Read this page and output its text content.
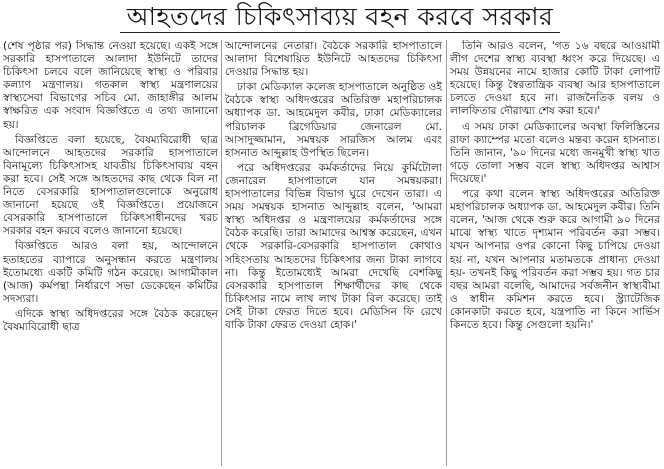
আহতদের চিকিৎসাব্যয় বহন করবে সরকার

(শেষ পৃষ্ঠার পর) সিদ্ধান্ত নেওয়া হয়েছে। একই সঙ্গে সরকারি হাসপাতালে আলাদা ইউনিটে তাদের চিকিৎসা চলবে বলে জানিয়েছে স্বাস্থ্য ও পরিবার কল্যাণ মন্ত্রণালয়। গতকাল স্বাস্থ্য মন্ত্রণালয়ের স্বাস্থ্যসেবা বিভাগের সচিব মো. জাহাঙ্গীর আলম স্বাক্ষরিত এক সংবাদ বিজ্ঞপ্তিতে এ তথ্য জানানো হয়।

বিজ্ঞপ্তিতে বলা হয়েছে, বৈষম্যবিরোধী ছাত্র আন্দোলনে আহতদের সরকারি হাসপাতালে বিনামূল্যে চিকিৎসাসহ যাবতীয় চিকিৎসাব্যয় বহন করা হবে। সেই সঙ্গে আহতদের কাছ থেকে বিল না নিতে বেসরকারি হাসপাতালগুলোকে অনুরোধ জানানো হয়েছে ওই বিজ্ঞপ্তিতে। প্রয়োজনে বেসরকারি হাসপাতালে চিকিৎসাধীনদের খরচ সরকার বহন করবে বলেও জানানো হয়েছে।

বিজ্ঞপ্তিতে আরও বলা হয়, আন্দোলনে হতাহতের ব্যাপারে অনুসন্ধান করতে মন্ত্রণালয় ইতোমধ্যে একটি কমিটি গঠন করেছে। আগামীকাল (আজ) কর্মপন্থা নির্ধারণে সভা ডেকেছেন কমিটির সদস্যরা।

এদিকে স্বাস্থ্য অধিদপ্তরের সঙ্গে বৈঠক করেছেন বৈষম্যবিরোধী ছাত্র

আন্দোলনের নেতারা। বৈঠকে সরকারি হাসপাতালে আলাদা বিশেষায়িত ইউনিটে আহতদের চিকিৎসা দেওয়ার সিদ্ধান্ত হয়।

ঢাকা মেডিক্যাল কলেজ হাসপাতালে অনুষ্ঠিত ওই বৈঠকে স্বাস্থ্য অধিদপ্তরের অতিরিক্ত মহাপরিচালক অধ্যাপক ডা. আহমেদুল কবীর, ঢাকা মেডিক্যালের পরিচালক ব্রিগেডিয়ার জেনারেল মো. আসাদুজ্জামান, সমন্বয়ক সারজিস আলম এবং হাসনাত আব্দুল্লাহ উপস্থিত ছিলেন।

পরে অধিদপ্তরের কর্মকর্তাদের নিয়ে কুর্মিটোলা জেনারেল হাসপাতালে যান সমন্বয়করা। হাসপাতালের বিভিন্ন বিভাগ ঘুরে দেখেন তারা। এ সময় সমন্বয়ক হাসনাত আব্দুল্লাহ বলেন, 'আমরা স্বাস্থ্য অধিদপ্তর ও মন্ত্রণালয়ের কর্মকর্তাদের সঙ্গে বৈঠক করেছি। তারা আমাদের আশ্বস্ত করেছেন, এখন থেকে সরকারি-বেসরকারি হাসপাতাল কোথাও সহিংসতায় আহতদের চিকিৎসার জন্য টাকা লাগবে না। কিন্তু ইতোমধ্যেই আমরা দেখেছি বেশকিছু বেসরকারি হাসপাতাল শিক্ষার্থীদের কাছ থেকে চিকিৎসার নামে লাখ লাখ টাকা বিল করেছে। তাই সেই টাকা ফেরত দিতে হবে। মেডিসিন ফি রেখে বাকি টাকা ফেরত দেওয়া হোক।'

তিনি আরও বলেন, 'গত ১৬ বছরে আওয়ামী লীগ দেশের স্বাস্থ্য ব্যবস্থা ধ্বংস করে দিয়েছে। এ সময় উন্নয়নের নামে হাজার কোটি টাকা লোপাট হয়েছে। কিন্তু স্বৈরতান্ত্রিক ব্যবস্থা আর হাসপাতালে চলতে দেওয়া হবে না। রাজনৈতিক বলয় ও লালফিতার দৌরাত্ম্য শেষ করা হবে।'

এ সময় ঢাকা মেডিক্যালের অবস্থা ফিলিস্তিনের রাফা ক্যাম্পের মতো বলেও মন্তব্য করেন হাসনাত। তিনি জানান, '৯০ দিনের মধ্যে জনমুখী স্বাস্থ্য খাত গড়ে তোলা সম্ভব বলে স্বাস্থ্য অধিদপ্তর আশ্বাস দিয়েছে।'

পরে কথা বলেন স্বাস্থ্য অধিদপ্তরের অতিরিক্ত মহাপরিচালক অধ্যাপক ডা. আহমেদুল কবীর। তিনি বলেন, 'আজ থেকে শুরু করে আগামী ৯০ দিনের মাঝে স্বাস্থ্য খাতে দৃশ্যমান পরিবর্তন করা সম্ভব। যখন আপনার ওপর কোনো কিছু চাপিয়ে দেওয়া হয় না, যখন আপনার মতামতকে প্রাধান্য দেওয়া হয়- তখনই কিছু পরিবর্তন করা সম্ভব হয়। গত চার বছর আমরা বলেছি, আমাদের সর্বজনীন স্বাস্থ্যবীমা ও স্বাধীন কমিশন করতে হবে। স্ট্র্যাটেজিক কোনকাটা করতে হবে, যন্ত্রপাতি না কিনে সার্ভিস কিনতে হবে। কিন্তু সেগুলো হয়নি।'
